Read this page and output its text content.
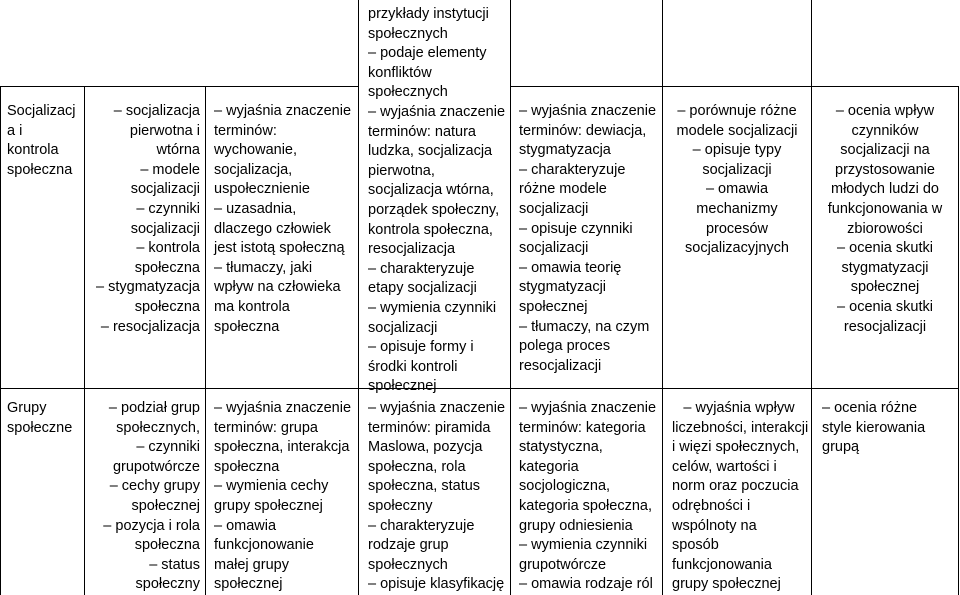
Socjalizacj
a i
kontrola
społeczna
– socjalizacja
pierwotna i
wtórna
– modele
socjalizacji
– czynniki
socjalizacji
– kontrola
społeczna
– stygmatyzacja
społeczna
– resocjalizacja
– wyjaśnia znaczenie
terminów:
wychowanie,
socjalizacja,
uspołecznienie
– uzasadnia,
dlaczego człowiek
jest istotą społeczną
– tłumaczy, jaki
wpływ na człowieka
ma kontrola
społeczna
przykłady instytucji
społecznych
– podaje elementy
konfliktów
społecznych
– wyjaśnia znaczenie
terminów: natura
ludzka, socjalizacja
pierwotna,
socjalizacja wtórna,
porządek społeczny,
kontrola społeczna,
resocjalizacja
– charakteryzuje
etapy socjalizacji
– wymienia czynniki
socjalizacji
– opisuje formy i
środki kontroli
społecznej
– wyjaśnia znaczenie
terminów: dewiacja,
stygmatyzacja
– charakteryzuje
różne modele
socjalizacji
– opisuje czynniki
socjalizacji
– omawia teorię
stygmatyzacji
społecznej
– tłumaczy, na czym
polega proces
resocjalizacji
– porównuje różne
modele socjalizacji
– opisuje typy
socjalizacji
– omawia
mechanizmy
procesów
socjalizacyjnych
– ocenia wpływ
czynników
socjalizacji na
przystosowanie
młodych ludzi do
funkcjonowania w
zbiorowości
– ocenia skutki
stygmatyzacji
społecznej
– ocenia skutki
resocjalizacji
Grupy
społeczne
– podział grup
społecznych,
– czynniki
grupotwórcze
– cechy grupy
społecznej
– pozycja i rola
społeczna
– status
społeczny
– wyjaśnia znaczenie
terminów: grupa
społeczna, interakcja
społeczna
– wymienia cechy
grupy społecznej
– omawia
funkcjonowanie
małej grupy
społecznej
– wyjaśnia znaczenie
terminów: piramida
Maslowa, pozycja
społeczna, rola
społeczna, status
społeczny
– charakteryzuje
rodzaje grup
społecznych
– opisuje klasyfikację
– wyjaśnia znaczenie
terminów: kategoria
statystyczna,
kategoria
socjologiczna,
kategoria społeczna,
grupy odniesienia
– wymienia czynniki
grupotwórcze
– omawia rodzaje ról
– wyjaśnia wpływ
liczebności, interakcji
i więzi społecznych,
celów, wartości i
norm oraz poczucia
odrębności i
wspólnoty na
sposób
funkcjonowania
grupy społecznej
– ocenia różne
style kierowania
grupą
